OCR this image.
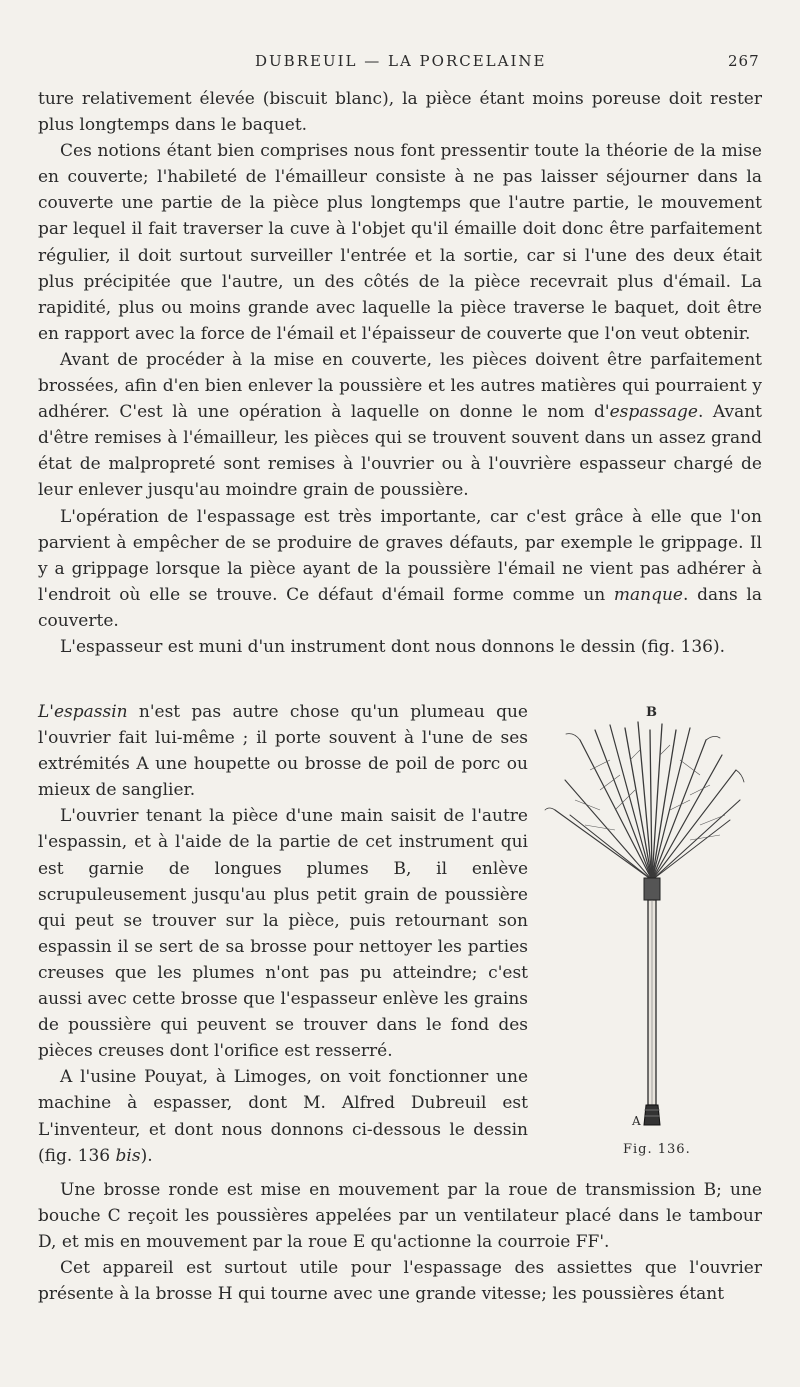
DUBREUIL — LA PORCELAINE	267

ture relativement élevée (biscuit blanc), la pièce étant moins poreuse doit rester plus longtemps dans le baquet.

Ces notions étant bien comprises nous font pressentir toute la théorie de la mise en couverte; l'habileté de l'émailleur consiste à ne pas laisser séjourner dans la couverte une partie de la pièce plus longtemps que l'autre partie, le mouvement par lequel il fait traverser la cuve à l'objet qu'il émaille doit donc être parfaitement régulier, il doit surtout surveiller l'entrée et la sortie, car si l'une des deux était plus précipitée que l'autre, un des côtés de la pièce recevrait plus d'émail. La rapidité, plus ou moins grande avec laquelle la pièce traverse le baquet, doit être en rapport avec la force de l'émail et l'épaisseur de couverte que l'on veut obtenir.

Avant de procéder à la mise en couverte, les pièces doivent être parfaitement brossées, afin d'en bien enlever la poussière et les autres matières qui pourraient y adhérer. C'est là une opération à laquelle on donne le nom d'espassage. Avant d'être remises à l'émailleur, les pièces qui se trouvent souvent dans un assez grand état de malpropreté sont remises à l'ouvrier ou à l'ouvrière espasseur chargé de leur enlever jusqu'au moindre grain de poussière.

L'opération de l'espassage est très importante, car c'est grâce à elle que l'on parvient à empêcher de se produire de graves défauts, par exemple le grippage. Il y a grippage lorsque la pièce ayant de la poussière l'émail ne vient pas adhérer à l'endroit où elle se trouve. Ce défaut d'émail forme comme un manque. dans la couverte.

L'espasseur est muni d'un instrument dont nous donnons le dessin (fig. 136).

L'espassin n'est pas autre chose qu'un plumeau que l'ouvrier fait lui-même ; il porte souvent à l'une de ses extrémités A une houpette ou brosse de poil de porc ou mieux de sanglier.

L'ouvrier tenant la pièce d'une main saisit de l'autre l'espassin, et à l'aide de la partie de cet instrument qui est garnie de longues plumes B, il enlève scrupuleusement jusqu'au plus petit grain de poussière qui peut se trouver sur la pièce, puis retournant son espassin il se sert de sa brosse pour nettoyer les parties creuses que les plumes n'ont pas pu atteindre; c'est aussi avec cette brosse que l'espasseur enlève les grains de poussière qui peuvent se trouver dans le fond des pièces creuses dont l'orifice est resserré.

A l'usine Pouyat, à Limoges, on voit fonctionner une machine à espasser, dont M. Alfred Dubreuil est L'inventeur, et dont nous donnons ci-dessous le dessin (fig. 136 bis).

B
A
Fig. 136.

Une brosse ronde est mise en mouvement par la roue de transmission B; une bouche C reçoit les poussières appelées par un ventilateur placé dans le tambour D, et mis en mouvement par la roue E qu'actionne la courroie FF'.

Cet appareil est surtout utile pour l'espassage des assiettes que l'ouvrier présente à la brosse H qui tourne avec une grande vitesse; les poussières étant
